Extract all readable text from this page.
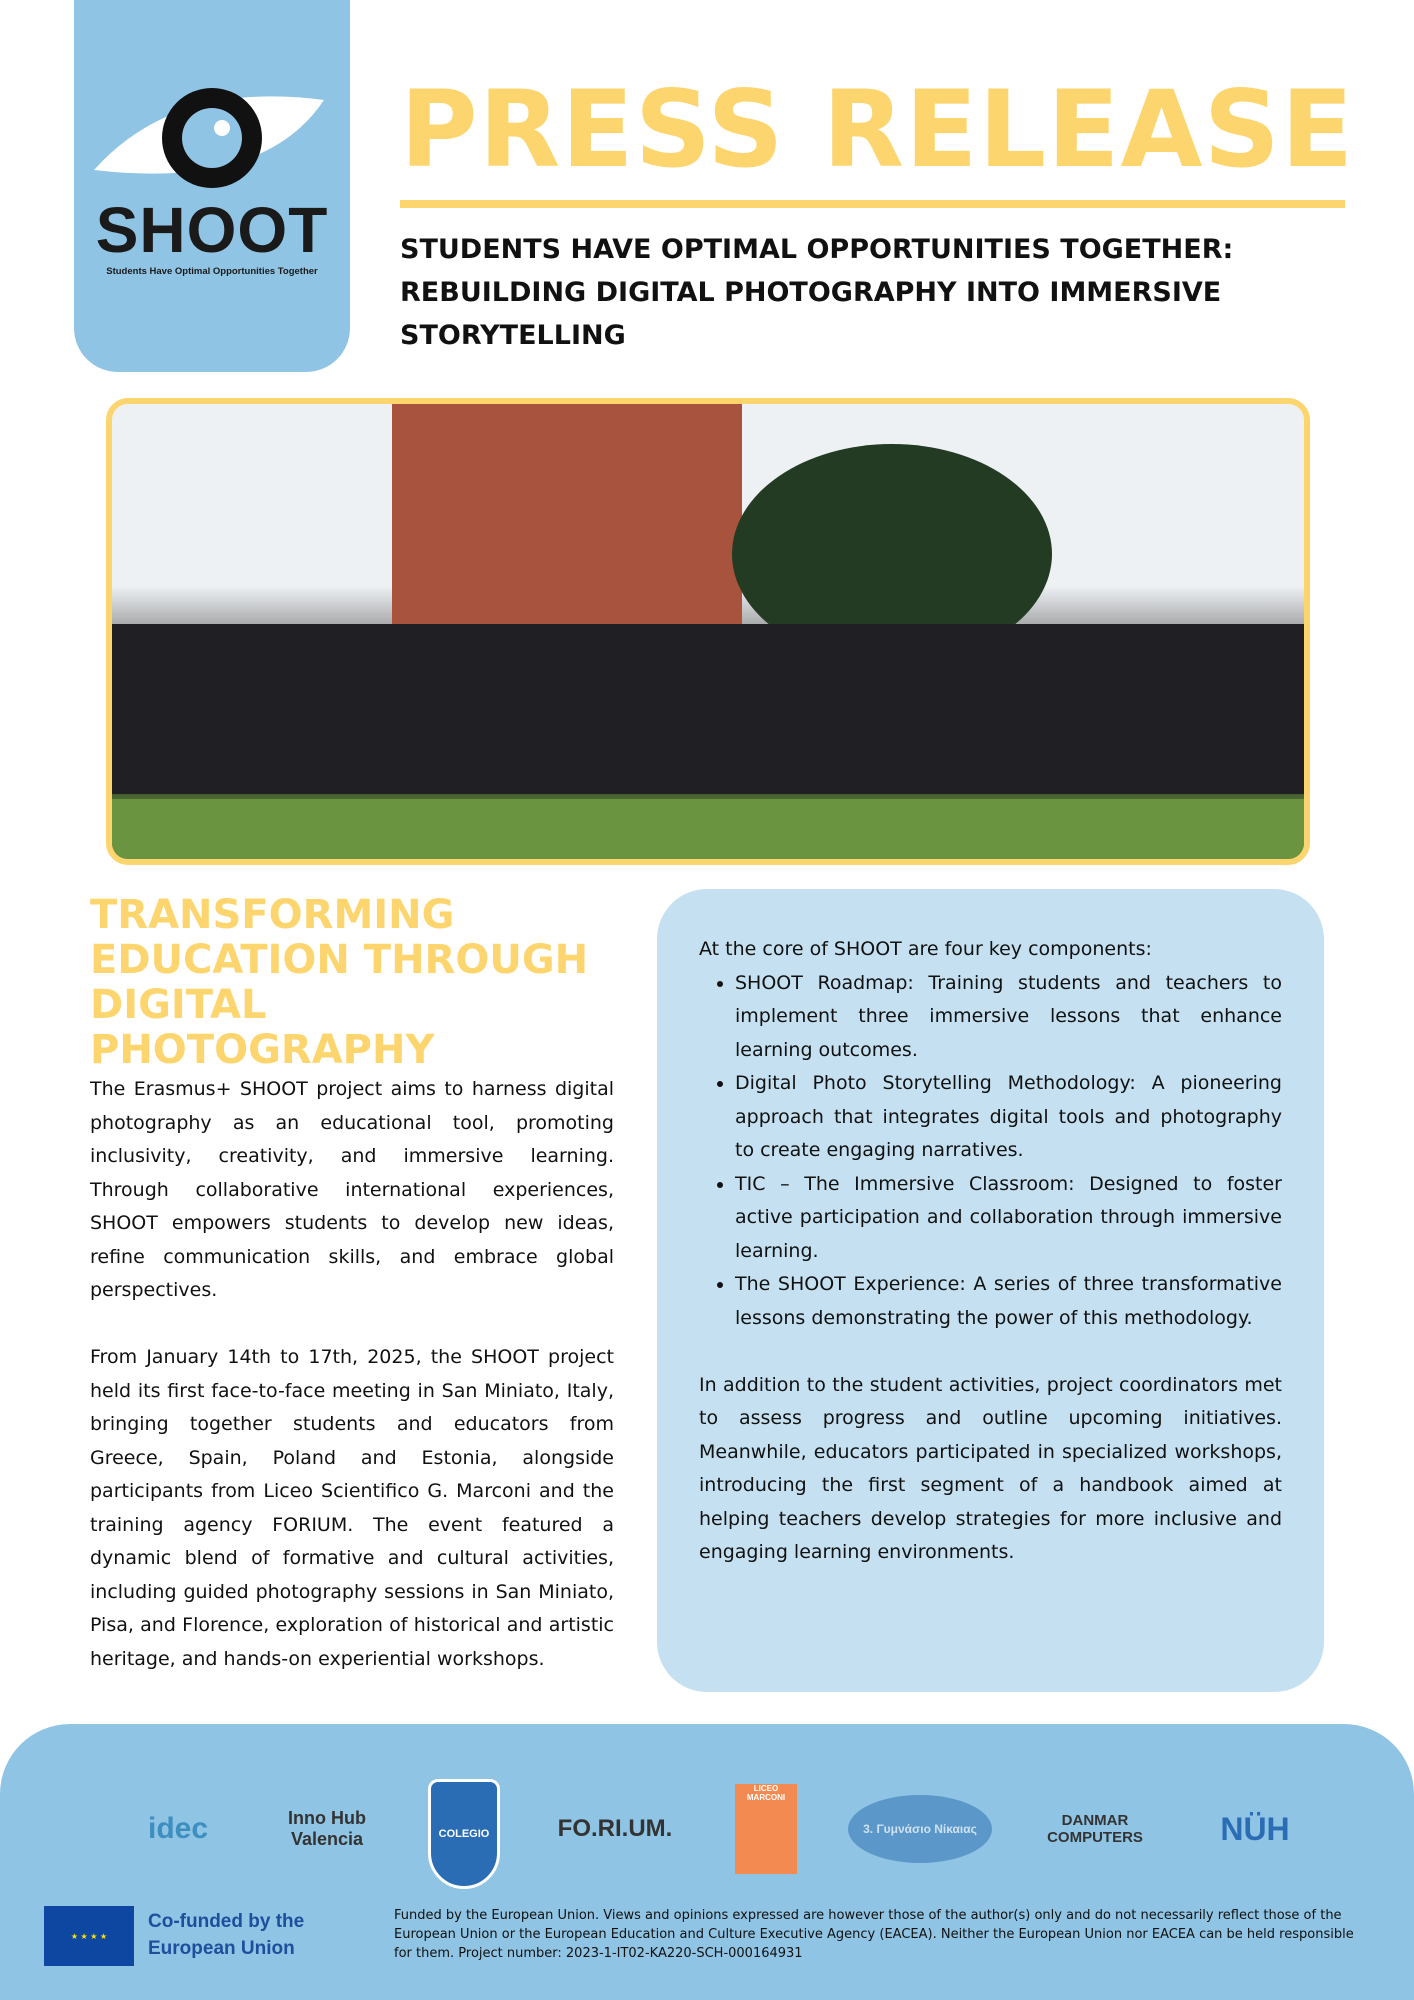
SHOOT
Students Have Optimal Opportunities Together
PRESS RELEASE
STUDENTS HAVE OPTIMAL OPPORTUNITIES TOGETHER: REBUILDING DIGITAL PHOTOGRAPHY INTO IMMERSIVE STORYTELLING
TRANSFORMING EDUCATION THROUGH DIGITAL PHOTOGRAPHY

The Erasmus+ SHOOT project aims to harness digital photography as an educational tool, promoting inclusivity, creativity, and immersive learning. Through collaborative international experiences, SHOOT empowers students to develop new ideas, refine communication skills, and embrace global perspectives.

From January 14th to 17th, 2025, the SHOOT project held its first face-to-face meeting in San Miniato, Italy, bringing together students and educators from Greece, Spain, Poland and Estonia, alongside participants from Liceo Scientifico G. Marconi and the training agency FORIUM. The event featured a dynamic blend of formative and cultural activities, including guided photography sessions in San Miniato, Pisa, and Florence, exploration of historical and artistic heritage, and hands-on experiential workshops.

At the core of SHOOT are four key components:

• SHOOT Roadmap: Training students and teachers to implement three immersive lessons that enhance learning outcomes.
• Digital Photo Storytelling Methodology: A pioneering approach that integrates digital tools and photography to create engaging narratives.
• TIC – The Immersive Classroom: Designed to foster active participation and collaboration through immersive learning.
• The SHOOT Experience: A series of three transformative lessons demonstrating the power of this methodology.

In addition to the student activities, project coordinators met to assess progress and outline upcoming initiatives. Meanwhile, educators participated in specialized workshops, introducing the first segment of a handbook aimed at helping teachers develop strategies for more inclusive and engaging learning environments.

idec	Inno Hub Valencia	COLEGIO	FO.RI.UM.
LICEO MARCONI
3. Γυμνάσιο Νίκαιας	DANMAR COMPUTERS	NÜH
★ ★ ★ ★
Co-funded by the European Union
Funded by the European Union. Views and opinions expressed are however those of the author(s) only and do not necessarily reflect those of the European Union or the European Education and Culture Executive Agency (EACEA). Neither the European Union nor EACEA can be held responsible for them. Project number: 2023-1-IT02-KA220-SCH-000164931
